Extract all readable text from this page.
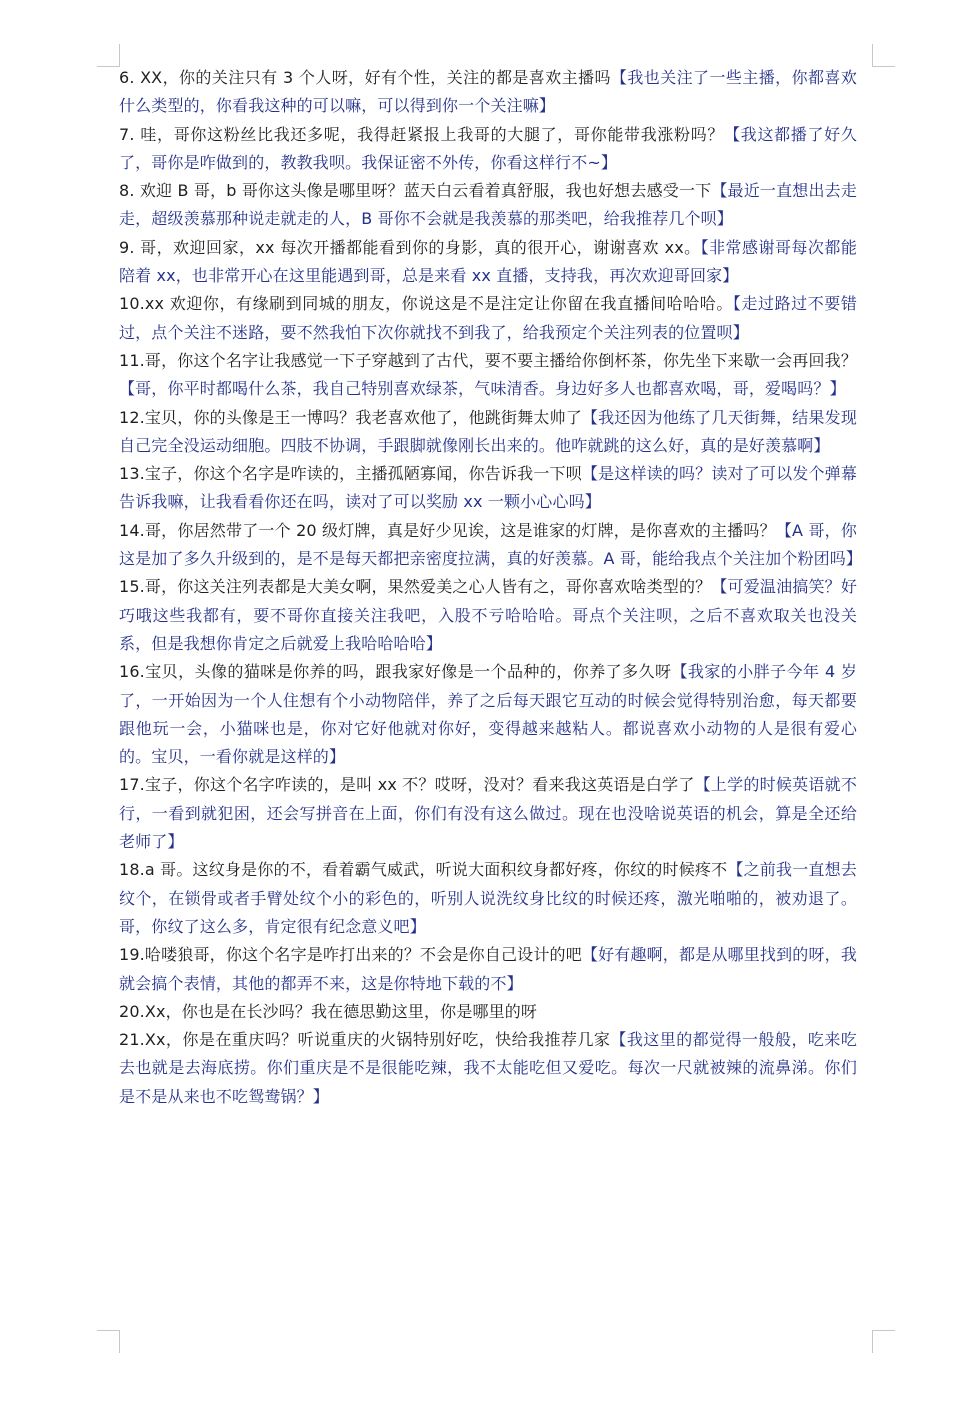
6. XX，你的关注只有 3 个人呀，好有个性，关注的都是喜欢主播吗【我也关注了一些主播，你都喜欢什么类型的，你看我这种的可以嘛，可以得到你一个关注嘛】

7. 哇，哥你这粉丝比我还多呢，我得赶紧报上我哥的大腿了，哥你能带我涨粉吗？【我这都播了好久了，哥你是咋做到的，教教我呗。我保证密不外传，你看这样行不~】

8. 欢迎 B 哥，b 哥你这头像是哪里呀？蓝天白云看着真舒服，我也好想去感受一下【最近一直想出去走走，超级羡慕那种说走就走的人，B 哥你不会就是我羡慕的那类吧，给我推荐几个呗】

9. 哥，欢迎回家，xx 每次开播都能看到你的身影，真的很开心，谢谢喜欢 xx。【非常感谢哥每次都能陪着 xx，也非常开心在这里能遇到哥，总是来看 xx 直播，支持我，再次欢迎哥回家】

10.xx 欢迎你，有缘刷到同城的朋友，你说这是不是注定让你留在我直播间哈哈哈。【走过路过不要错过，点个关注不迷路，要不然我怕下次你就找不到我了，给我预定个关注列表的位置呗】

11.哥，你这个名字让我感觉一下子穿越到了古代，要不要主播给你倒杯茶，你先坐下来歇一会再回我？【哥，你平时都喝什么茶，我自己特别喜欢绿茶，气味清香。身边好多人也都喜欢喝，哥，爱喝吗？】

12.宝贝，你的头像是王一博吗？我老喜欢他了，他跳街舞太帅了【我还因为他练了几天街舞，结果发现自己完全没运动细胞。四肢不协调，手跟脚就像刚长出来的。他咋就跳的这么好，真的是好羡慕啊】

13.宝子，你这个名字是咋读的，主播孤陋寡闻，你告诉我一下呗【是这样读的吗？读对了可以发个弹幕告诉我嘛，让我看看你还在吗，读对了可以奖励 xx 一颗小心心吗】

14.哥，你居然带了一个 20 级灯牌，真是好少见诶，这是谁家的灯牌，是你喜欢的主播吗？【A 哥，你这是加了多久升级到的，是不是每天都把亲密度拉满，真的好羡慕。A 哥，能给我点个关注加个粉团吗】

15.哥，你这关注列表都是大美女啊，果然爱美之心人皆有之，哥你喜欢啥类型的？【可爱温油搞笑？好巧哦这些我都有，要不哥你直接关注我吧，入股不亏哈哈哈。哥点个关注呗，之后不喜欢取关也没关系，但是我想你肯定之后就爱上我哈哈哈哈】

16.宝贝，头像的猫咪是你养的吗，跟我家好像是一个品种的，你养了多久呀【我家的小胖子今年 4 岁了，一开始因为一个人住想有个小动物陪伴，养了之后每天跟它互动的时候会觉得特别治愈，每天都要跟他玩一会，小猫咪也是，你对它好他就对你好，变得越来越粘人。都说喜欢小动物的人是很有爱心的。宝贝，一看你就是这样的】

17.宝子，你这个名字咋读的，是叫 xx 不？哎呀，没对？看来我这英语是白学了【上学的时候英语就不行，一看到就犯困，还会写拼音在上面，你们有没有这么做过。现在也没啥说英语的机会，算是全还给老师了】

18.a 哥。这纹身是你的不，看着霸气威武，听说大面积纹身都好疼，你纹的时候疼不【之前我一直想去纹个，在锁骨或者手臂处纹个小的彩色的，听别人说洗纹身比纹的时候还疼，激光啪啪的，被劝退了。哥，你纹了这么多，肯定很有纪念意义吧】

19.哈喽狼哥，你这个名字是咋打出来的？不会是你自己设计的吧【好有趣啊，都是从哪里找到的呀，我就会搞个表情，其他的都弄不来，这是你特地下载的不】

20.Xx，你也是在长沙吗？我在德思勤这里，你是哪里的呀

21.Xx，你是在重庆吗？听说重庆的火锅特别好吃，快给我推荐几家【我这里的都觉得一般般，吃来吃去也就是去海底捞。你们重庆是不是很能吃辣，我不太能吃但又爱吃。每次一尺就被辣的流鼻涕。你们是不是从来也不吃鸳鸯锅？】
